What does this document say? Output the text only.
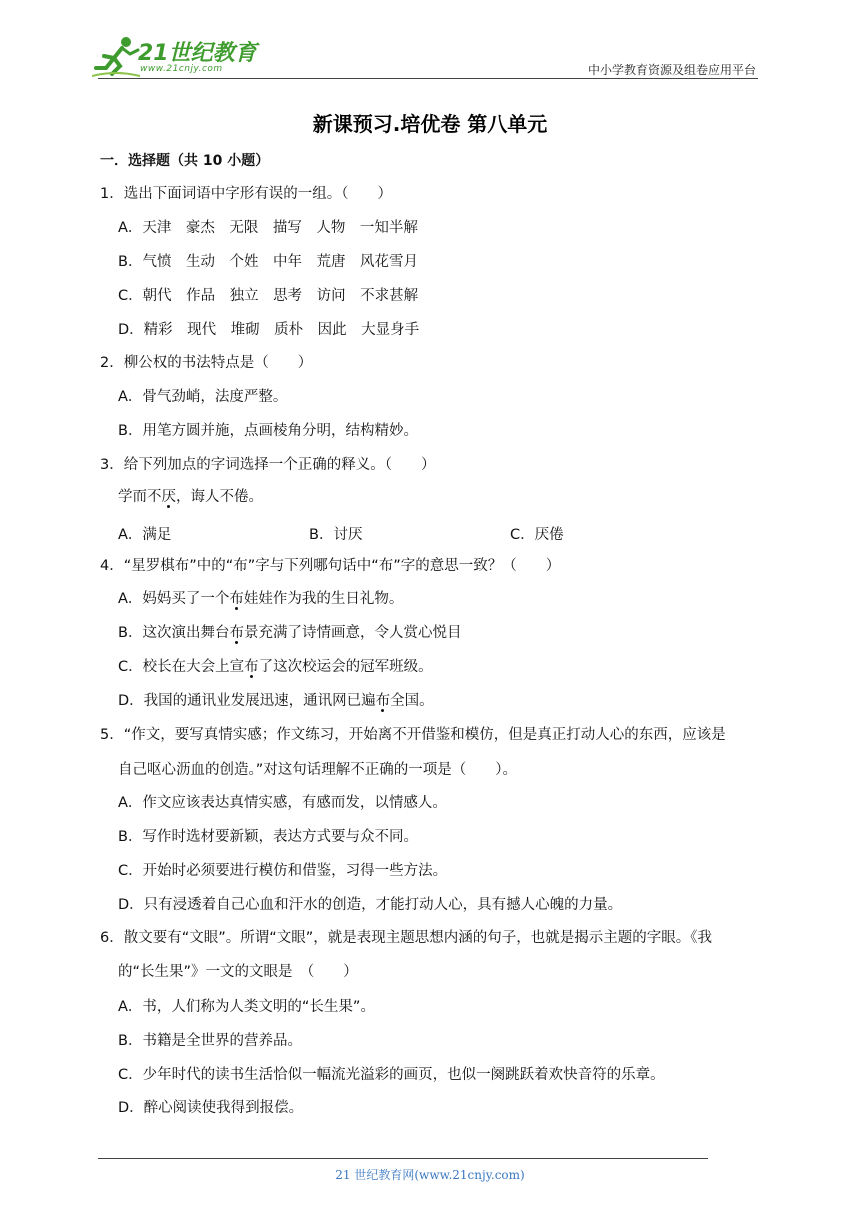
21世纪教育
www.21cnjy.com	中小学教育资源及组卷应用平台
新课预习.培优卷 第八单元
一．选择题（共 10 小题）
1．选出下面词语中字形有误的一组。（　　）
A．天津　豪杰　无限　描写　人物　一知半解
B．气愤　生动　个姓　中年　荒唐　风花雪月
C．朝代　作品　独立　思考　访问　不求甚解
D．精彩　现代　堆砌　质朴　因此　大显身手
2．柳公权的书法特点是（　　）
A．骨气劲峭，法度严整。
B．用笔方圆并施，点画棱角分明，结构精妙。
3．给下列加点的字词选择一个正确的释义。（　　）
学而不厌，诲人不倦。
A．满足	B．讨厌	C．厌倦
4．“星罗棋布”中的“布”字与下列哪句话中“布”字的意思一致？（　　）
A．妈妈买了一个布娃娃作为我的生日礼物。
B．这次演出舞台布景充满了诗情画意，令人赏心悦目
C．校长在大会上宣布了这次校运会的冠军班级。
D．我国的通讯业发展迅速，通讯网已遍布全国。
5．“作文，要写真情实感；作文练习，开始离不开借鉴和模仿，但是真正打动人心的东西，应该是
自己呕心沥血的创造。”对这句话理解不正确的一项是（　　）。
A．作文应该表达真情实感，有感而发，以情感人。
B．写作时选材要新颖，表达方式要与众不同。
C．开始时必须要进行模仿和借鉴，习得一些方法。
D．只有浸透着自己心血和汗水的创造，才能打动人心，具有撼人心魄的力量。
6．散文要有“文眼”。所谓“文眼”，就是表现主题思想内涵的句子，也就是揭示主题的字眼。《我
的“长生果”》一文的文眼是　（　　）
A．书，人们称为人类文明的“长生果”。
B．书籍是全世界的营养品。
C．少年时代的读书生活恰似一幅流光溢彩的画页，也似一阕跳跃着欢快音符的乐章。
D．醉心阅读使我得到报偿。
21 世纪教育网(www.21cnjy.com)
